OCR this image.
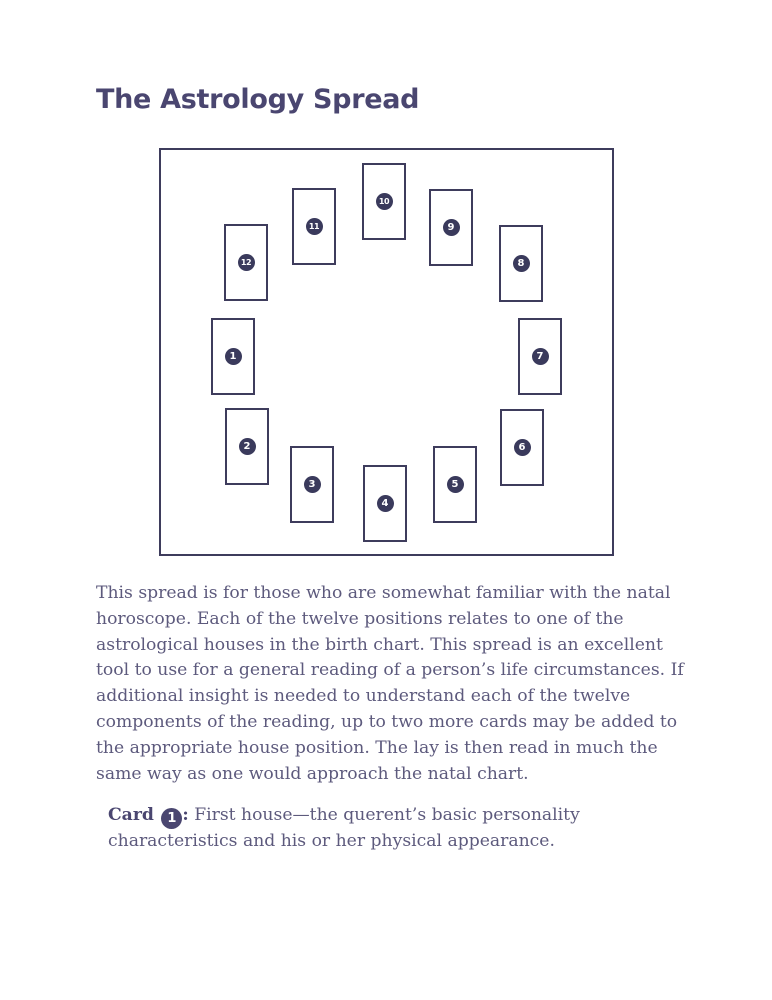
The Astrology Spread
1
2
3
4
5
6
7
8
9
10
11
12

This spread is for those who are somewhat familiar with the natal horoscope. Each of the twelve positions relates to one of the astrological houses in the birth chart. This spread is an excellent tool to use for a general reading of a person’s life circumstances. If additional insight is needed to understand each of the twelve components of the reading, up to two more cards may be added to the appropriate house position. The lay is then read in much the same way as one would approach the natal chart.

Card 1 : First house—the querent’s basic personality characteristics and his or her physical appearance.
